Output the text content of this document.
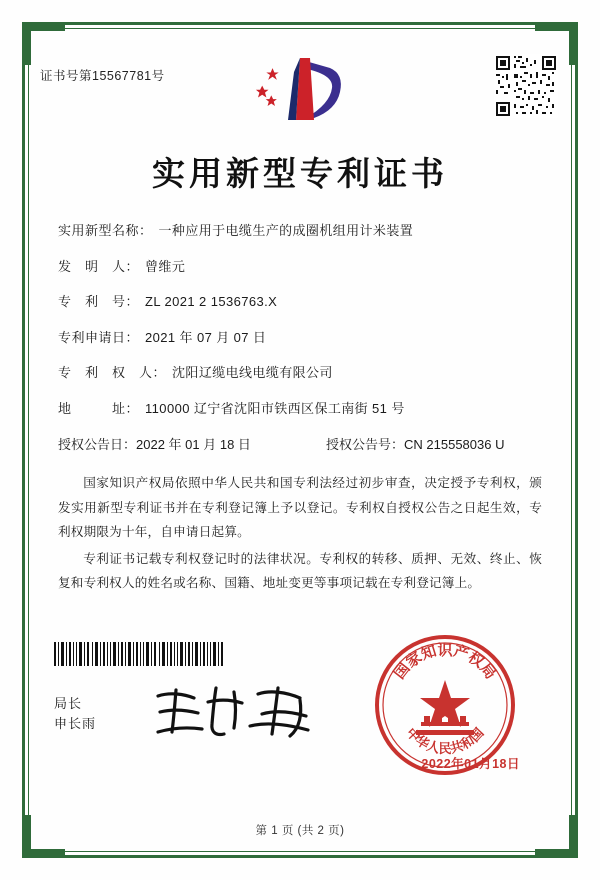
证书号第15567781号
实用新型专利证书
实用新型名称： 一种应用于电缆生产的成圈机组用计米装置
发　明　人： 曾维元
专　利　号： ZL 2021 2 1536763.X
专利申请日： 2021 年 07 月 07 日
专　利　权　人： 沈阳辽缆电线电缆有限公司
地　　　址： 110000 辽宁省沈阳市铁西区保工南街 51 号
授权公告日： 2022 年 01 月 18 日	授权公告号： CN 215558036 U

国家知识产权局依照中华人民共和国专利法经过初步审查，决定授予专利权，颁发实用新型专利证书并在专利登记簿上予以登记。专利权自授权公告之日起生效，专利权期限为十年，自申请日起算。

专利证书记载专利权登记时的法律状况。专利权的转移、质押、无效、终止、恢复和专利权人的姓名或名称、国籍、地址变更等事项记载在专利登记簿上。

局长
申长雨
国家知识产权局
中华人民共和国
2022年01月18日
第 1 页 (共 2 页)
